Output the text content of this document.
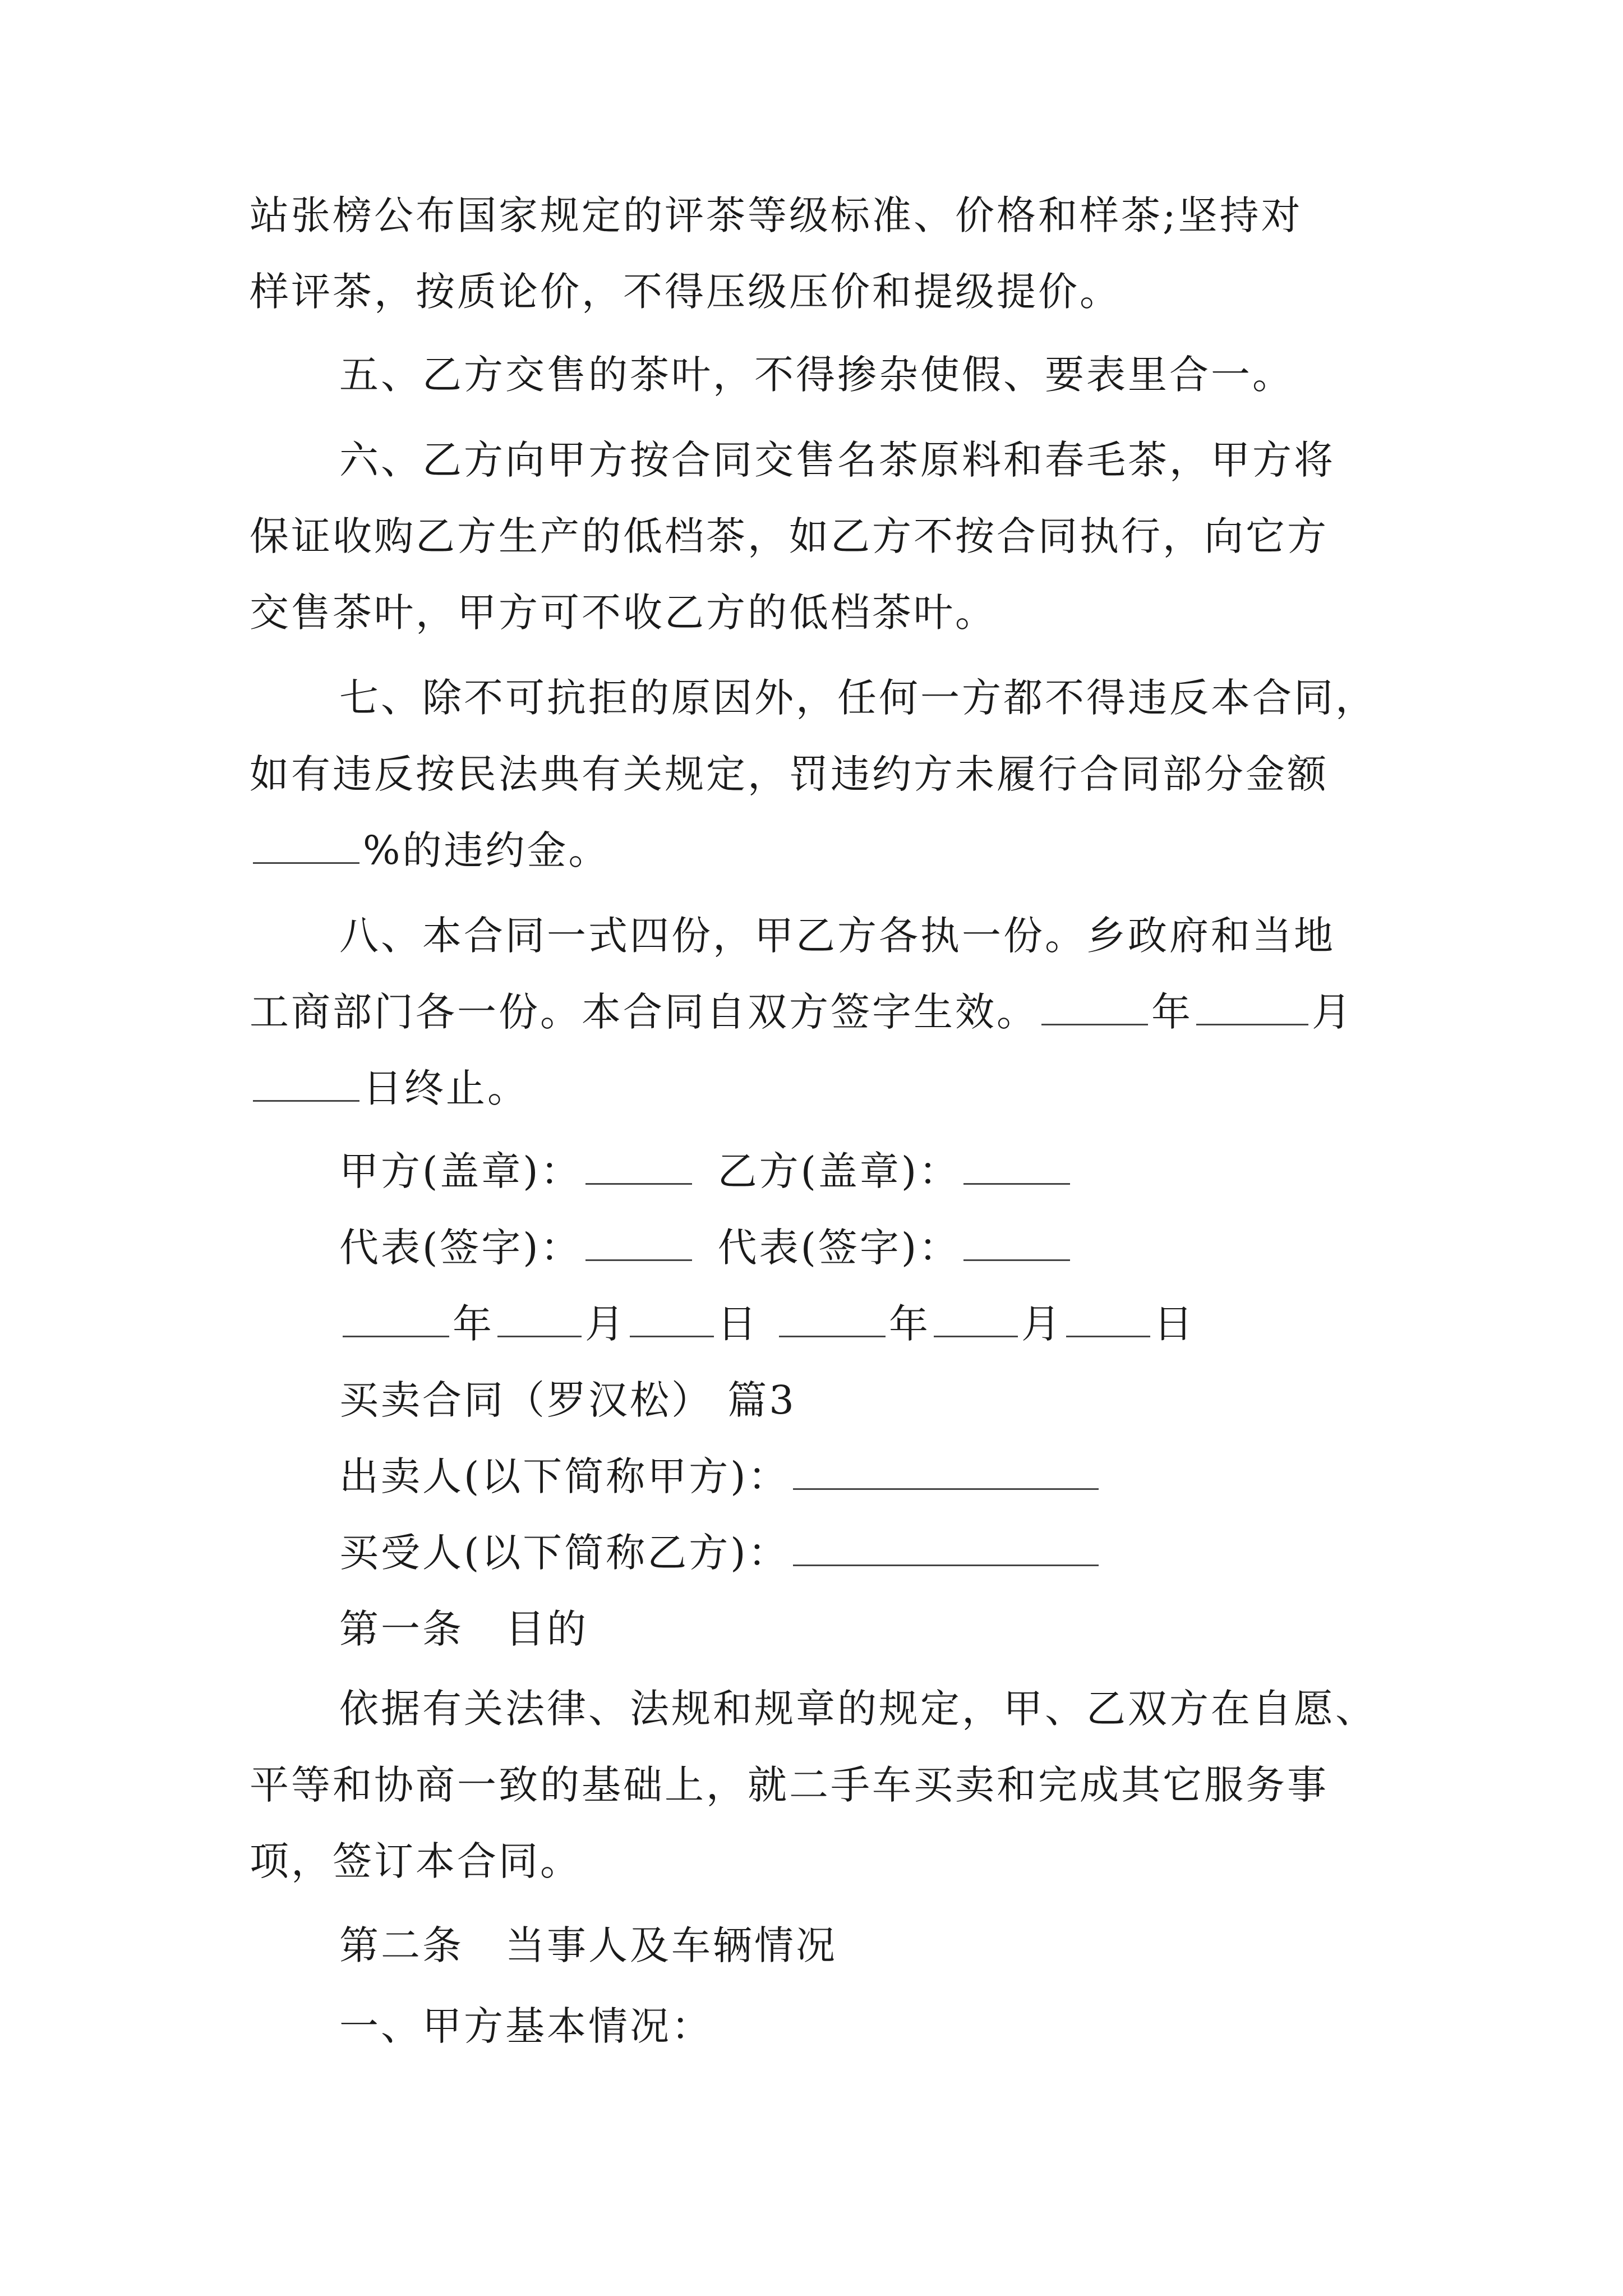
站张榜公布国家规定的评茶等级标准、价格和样茶;坚持对
样评茶，按质论价，不得压级压价和提级提价。
五、乙方交售的茶叶，不得掺杂使假、要表里合一。
六、乙方向甲方按合同交售名茶原料和春毛茶，甲方将
保证收购乙方生产的低档茶，如乙方不按合同执行，向它方
交售茶叶，甲方可不收乙方的低档茶叶。
七、除不可抗拒的原因外，任何一方都不得违反本合同，
如有违反按民法典有关规定，罚违约方未履行合同部分金额
%的违约金。
八、本合同一式四份，甲乙方各执一份。乡政府和当地
工商部门各一份。本合同自双方签字生效。	年	月
日终止。
甲方(盖章)：	乙方(盖章)：
代表(签字)：	代表(签字)：
年 月 日	年 月 日
买卖合同（罗汉松） 篇3
出卖人(以下简称甲方)：
买受人(以下简称乙方)：
第一条　目的
依据有关法律、法规和规章的规定，甲、乙双方在自愿、
平等和协商一致的基础上，就二手车买卖和完成其它服务事
项，签订本合同。
第二条　当事人及车辆情况
一、甲方基本情况：
